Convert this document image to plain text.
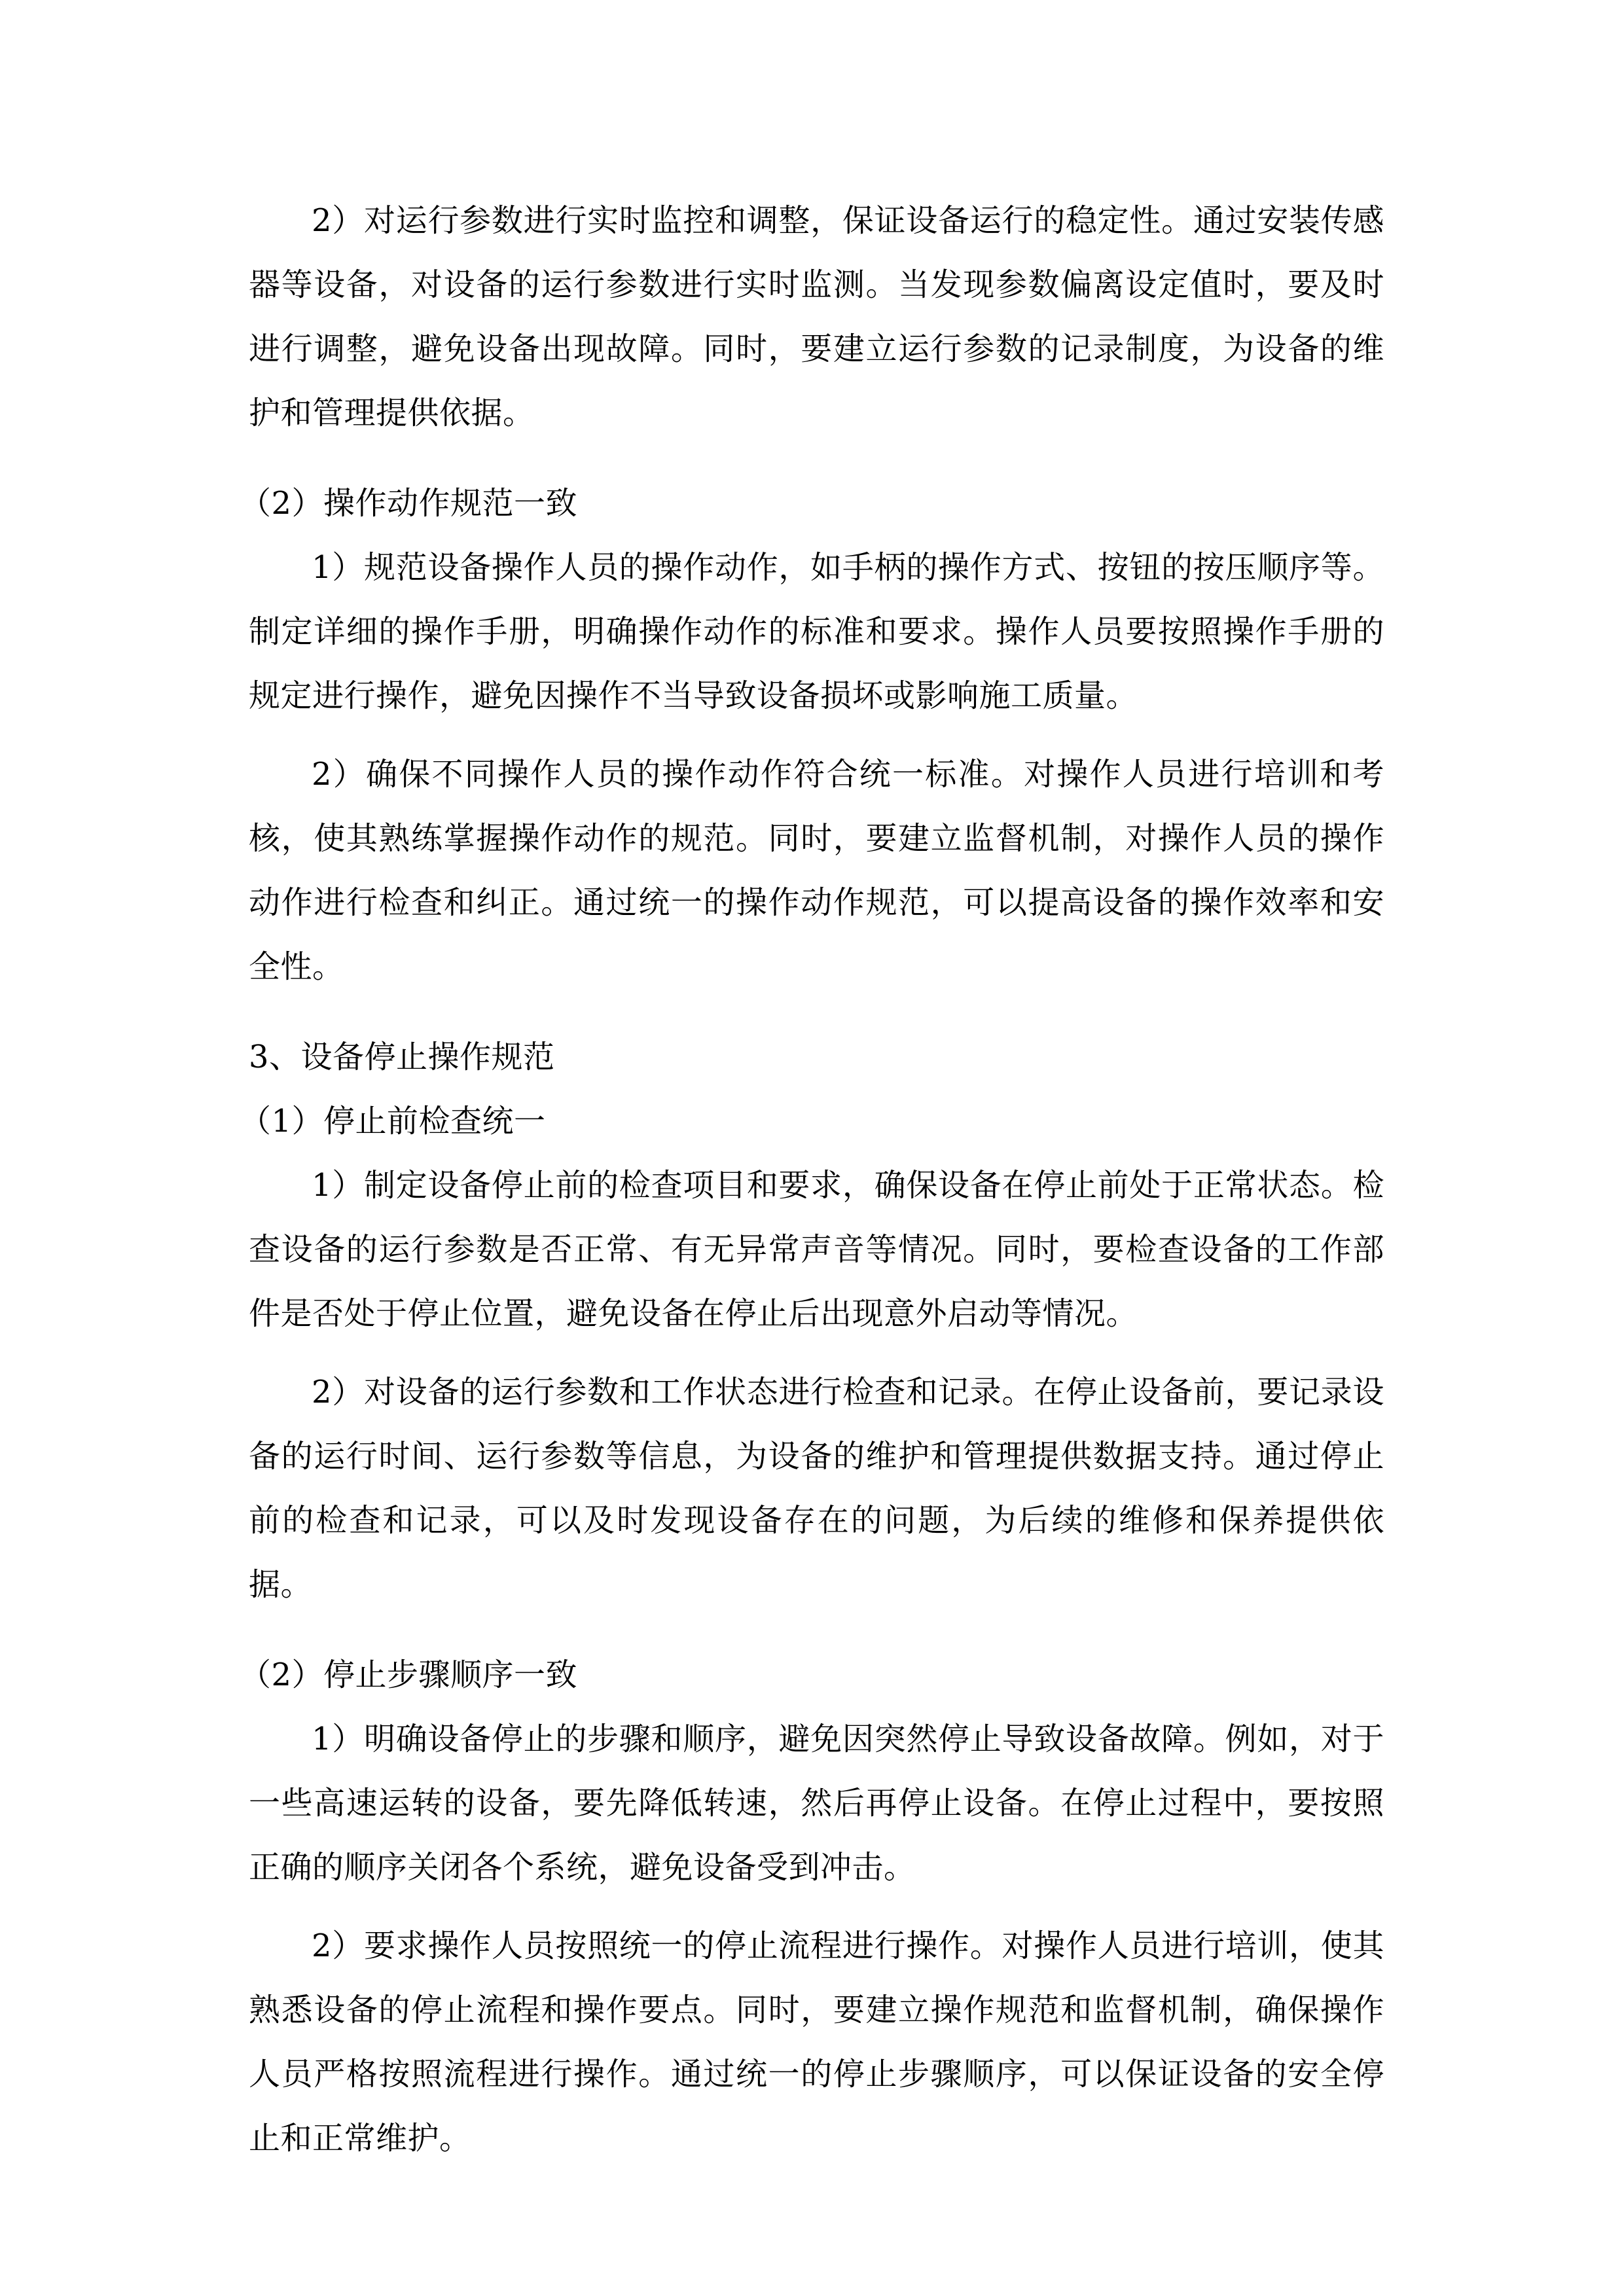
2）对运行参数进行实时监控和调整，保证设备运行的稳定性。通过安装传感器等设备，对设备的运行参数进行实时监测。当发现参数偏离设定值时，要及时进行调整，避免设备出现故障。同时，要建立运行参数的记录制度，为设备的维护和管理提供依据。

（2）操作动作规范一致

1）规范设备操作人员的操作动作，如手柄的操作方式、按钮的按压顺序等。制定详细的操作手册，明确操作动作的标准和要求。操作人员要按照操作手册的规定进行操作，避免因操作不当导致设备损坏或影响施工质量。

2）确保不同操作人员的操作动作符合统一标准。对操作人员进行培训和考核，使其熟练掌握操作动作的规范。同时，要建立监督机制，对操作人员的操作动作进行检查和纠正。通过统一的操作动作规范，可以提高设备的操作效率和安全性。

3、设备停止操作规范

（1）停止前检查统一

1）制定设备停止前的检查项目和要求，确保设备在停止前处于正常状态。检查设备的运行参数是否正常、有无异常声音等情况。同时，要检查设备的工作部件是否处于停止位置，避免设备在停止后出现意外启动等情况。

2）对设备的运行参数和工作状态进行检查和记录。在停止设备前，要记录设备的运行时间、运行参数等信息，为设备的维护和管理提供数据支持。通过停止前的检查和记录，可以及时发现设备存在的问题，为后续的维修和保养提供依据。

（2）停止步骤顺序一致

1）明确设备停止的步骤和顺序，避免因突然停止导致设备故障。例如，对于一些高速运转的设备，要先降低转速，然后再停止设备。在停止过程中，要按照正确的顺序关闭各个系统，避免设备受到冲击。

2）要求操作人员按照统一的停止流程进行操作。对操作人员进行培训，使其熟悉设备的停止流程和操作要点。同时，要建立操作规范和监督机制，确保操作人员严格按照流程进行操作。通过统一的停止步骤顺序，可以保证设备的安全停止和正常维护。
